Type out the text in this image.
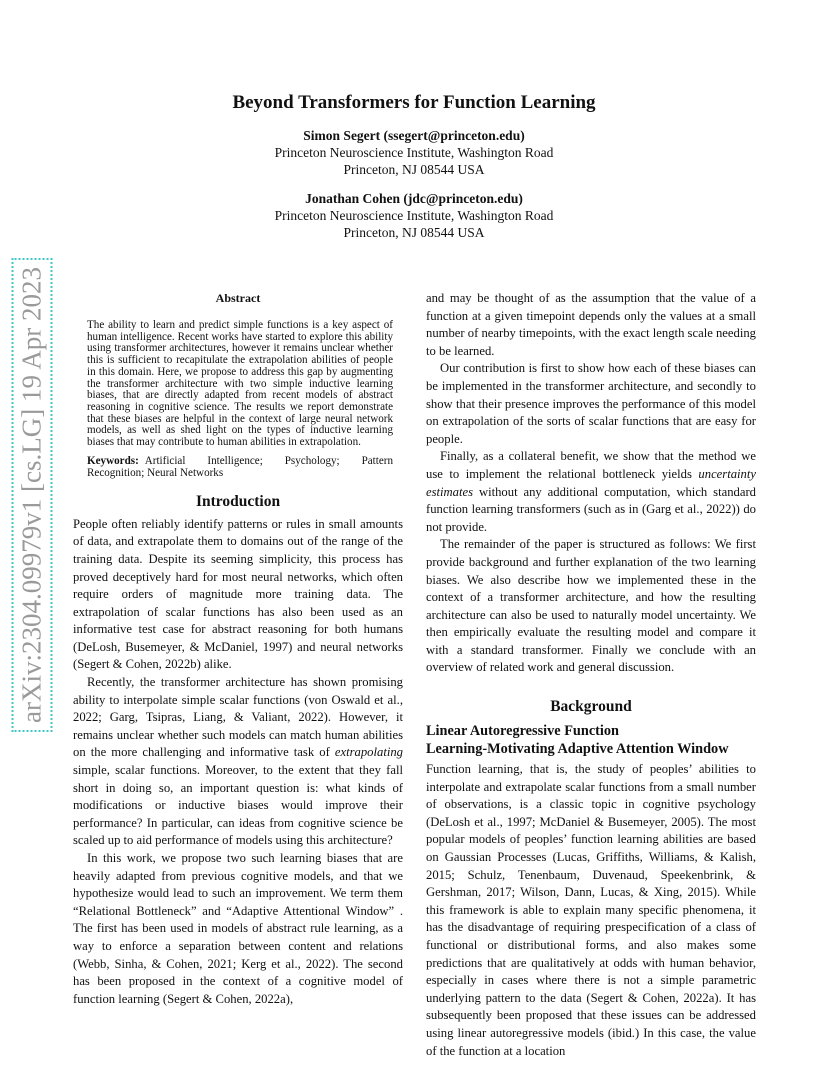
arXiv:2304.09979v1 [cs.LG] 19 Apr 2023
Beyond Transformers for Function Learning
Simon Segert (ssegert@princeton.edu)
Princeton Neuroscience Institute, Washington Road
Princeton, NJ 08544 USA
Jonathan Cohen (jdc@princeton.edu)
Princeton Neuroscience Institute, Washington Road
Princeton, NJ 08544 USA
Abstract
The ability to learn and predict simple functions is a key aspect of human intelligence. Recent works have started to explore this ability using transformer architectures, however it remains unclear whether this is sufficient to recapitulate the extrapolation abilities of people in this domain. Here, we propose to address this gap by augmenting the transformer architecture with two simple inductive learning biases, that are directly adapted from recent models of abstract reasoning in cognitive science. The results we report demonstrate that these biases are helpful in the context of large neural network models, as well as shed light on the types of inductive learning biases that may contribute to human abilities in extrapolation.
Keywords: Artificial Intelligence; Psychology; Pattern Recognition; Neural Networks
Introduction

People often reliably identify patterns or rules in small amounts of data, and extrapolate them to domains out of the range of the training data. Despite its seeming simplicity, this process has proved deceptively hard for most neural networks, which often require orders of magnitude more training data. The extrapolation of scalar functions has also been used as an informative test case for abstract reasoning for both humans (DeLosh, Busemeyer, & McDaniel, 1997) and neural networks (Segert & Cohen, 2022b) alike.

Recently, the transformer architecture has shown promising ability to interpolate simple scalar functions (von Oswald et al., 2022; Garg, Tsipras, Liang, & Valiant, 2022). However, it remains unclear whether such models can match human abilities on the more challenging and informative task of extrapolating simple, scalar functions. Moreover, to the extent that they fall short in doing so, an important question is: what kinds of modifications or inductive biases would improve their performance? In particular, can ideas from cognitive science be scaled up to aid performance of models using this architecture?

In this work, we propose two such learning biases that are heavily adapted from previous cognitive models, and that we hypothesize would lead to such an improvement. We term them “Relational Bottleneck” and “Adaptive Attentional Window” . The first has been used in models of abstract rule learning, as a way to enforce a separation between content and relations (Webb, Sinha, & Cohen, 2021; Kerg et al., 2022). The second has been proposed in the context of a cognitive model of function learning (Segert & Cohen, 2022a),

and may be thought of as the assumption that the value of a function at a given timepoint depends only the values at a small number of nearby timepoints, with the exact length scale needing to be learned.

Our contribution is first to show how each of these biases can be implemented in the transformer architecture, and secondly to show that their presence improves the performance of this model on extrapolation of the sorts of scalar functions that are easy for people.

Finally, as a collateral benefit, we show that the method we use to implement the relational bottleneck yields uncertainty estimates without any additional computation, which standard function learning transformers (such as in (Garg et al., 2022)) do not provide.

The remainder of the paper is structured as follows: We first provide background and further explanation of the two learning biases. We also describe how we implemented these in the context of a transformer architecture, and how the resulting architecture can also be used to naturally model uncertainty. We then empirically evaluate the resulting model and compare it with a standard transformer. Finally we conclude with an overview of related work and general discussion.

Background
Linear Autoregressive Function
Learning-Motivating Adaptive Attention Window

Function learning, that is, the study of peoples’ abilities to interpolate and extrapolate scalar functions from a small number of observations, is a classic topic in cognitive psychology (DeLosh et al., 1997; McDaniel & Busemeyer, 2005). The most popular models of peoples’ function learning abilities are based on Gaussian Processes (Lucas, Griffiths, Williams, & Kalish, 2015; Schulz, Tenenbaum, Duvenaud, Speekenbrink, & Gershman, 2017; Wilson, Dann, Lucas, & Xing, 2015). While this framework is able to explain many specific phenomena, it has the disadvantage of requiring prespecification of a class of functional or distributional forms, and also makes some predictions that are qualitatively at odds with human behavior, especially in cases where there is not a simple parametric underlying pattern to the data (Segert & Cohen, 2022a). It has subsequently been proposed that these issues can be addressed using linear autoregressive models (ibid.) In this case, the value of the function at a location
